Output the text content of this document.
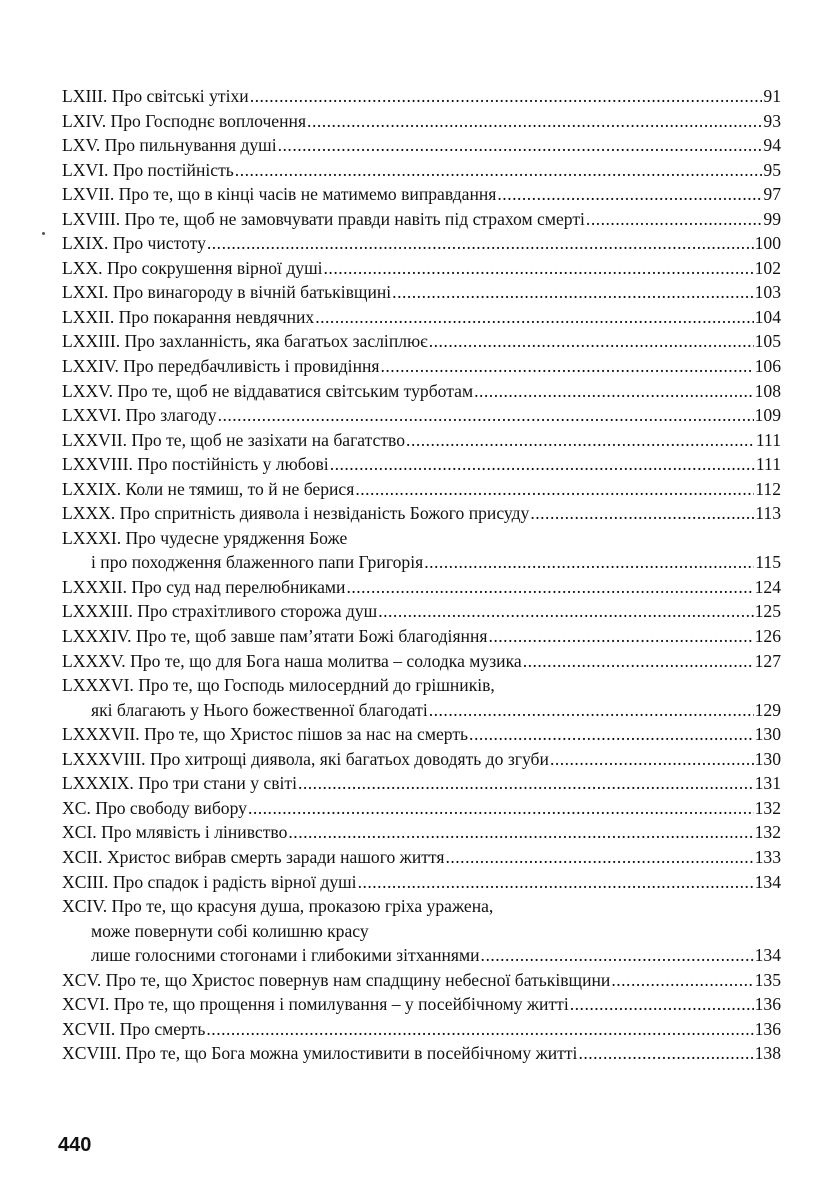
LXIII. Про світські утіхи .....	91
LXIV. Про Господнє воплочення .....	93
LXV. Про пильнування душі .....	94
LXVI. Про постійність .....	95
LXVII. Про те, що в кінці часів не матимемо виправдання .....	97
LXVIII. Про те, щоб не замовчувати правди навіть під страхом смерті .....	99
LXIX. Про чистоту .....	100
LXX. Про сокрушення вірної душі .....	102
LXXI. Про винагороду в вічній батьківщині .....	103
LXXII. Про покарання невдячних .....	104
LXXIII. Про захланність, яка багатьох засліплює .....	105
LXXIV. Про передбачливість і провидіння .....	106
LXXV. Про те, щоб не віддаватися світським турботам .....	108
LXXVI. Про злагоду .....	109
LXXVII. Про те, щоб не зазіхати на багатство .....	111
LXXVIII. Про постійність у любові .....	111
LXXIX. Коли не тямиш, то й не берися .....	112
LXXX. Про спритність диявола і незвіданість Божого присуду .....	113
LXXXI. Про чудесне урядження Боже
і про походження блаженного папи Григорія .....	115
LXXXII. Про суд над перелюбниками .....	124
LXXXIII. Про страхітливого сторожа душ .....	125
LXXXIV. Про те, щоб завше пам’ятати Божі благодіяння .....	126
LXXXV. Про те, що для Бога наша молитва – солодка музика .....	127
LXXXVI. Про те, що Господь милосердний до грішників,
які благають у Нього божественної благодаті .....	129
LXXXVII. Про те, що Христос пішов за нас на смерть .....	130
LXXXVIII. Про хитрощі диявола, які багатьох доводять до згуби .....	130
LXXXIX. Про три стани у світі .....	131
XC. Про свободу вибору .....	132
XCI. Про млявість і лінивство .....	132
XCII. Христос вибрав смерть заради нашого життя .....	133
XCIII. Про спадок і радість вірної душі .....	134
XCIV. Про те, що красуня душа, проказою гріха уражена,
може повернути собі колишню красу
лише голосними стогонами і глибокими зітханнями .....	134
XCV. Про те, що Христос повернув нам спадщину небесної батьківщини .....	135
XCVI. Про те, що прощення і помилування – у посейбічному житті .....	136
XCVII. Про смерть .....	136
XCVIII. Про те, що Бога можна умилостивити в посейбічному житті .....	138
440
